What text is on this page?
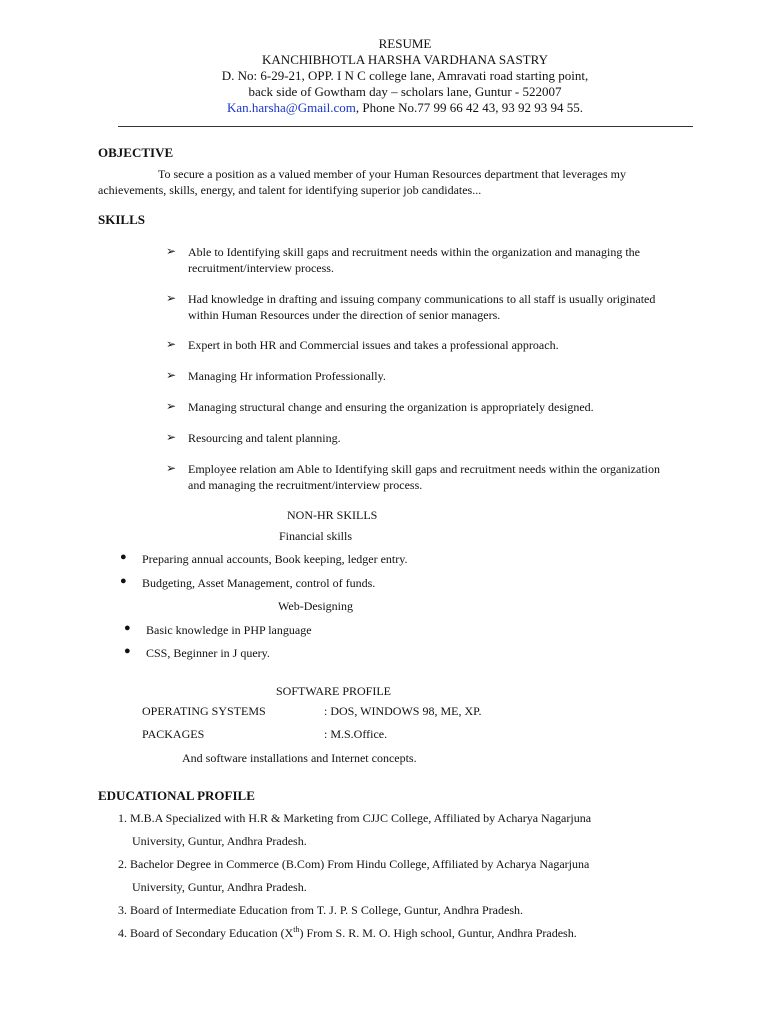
RESUME
KANCHIBHOTLA HARSHA VARDHANA SASTRY
D. No: 6-29-21, OPP. I N C college lane, Amravati road starting point,
back side of Gowtham day – scholars lane, Guntur - 522007
Kan.harsha@Gmail.com, Phone No.77 99 66 42 43, 93 92 93 94 55.
OBJECTIVE
To secure a position as a valued member of your Human Resources department that leverages my
achievements, skills, energy, and talent for identifying superior job candidates...
SKILLS
➢ Able to Identifying skill gaps and recruitment needs within the organization and managing the
recruitment/interview process.
➢ Had knowledge in drafting and issuing company communications to all staff is usually originated
within Human Resources under the direction of senior managers.
➢ Expert in both HR and Commercial issues and takes a professional approach.
➢ Managing Hr information Professionally.
➢ Managing structural change and ensuring the organization is appropriately designed.
➢ Resourcing and talent planning.
➢ Employee relation am Able to Identifying skill gaps and recruitment needs within the organization
and managing the recruitment/interview process.
NON-HR SKILLS
Financial skills
● Preparing annual accounts, Book keeping, ledger entry.
● Budgeting, Asset Management, control of funds.
Web-Designing
● Basic knowledge in PHP language
● CSS, Beginner in J query.
SOFTWARE PROFILE
OPERATING SYSTEMS	: DOS, WINDOWS 98, ME, XP.
PACKAGES	: M.S.Office.
And software installations and Internet concepts.
EDUCATIONAL PROFILE
1. M.B.A Specialized with H.R & Marketing from CJJC College, Affiliated by Acharya Nagarjuna
University, Guntur, Andhra Pradesh.
2. Bachelor Degree in Commerce (B.Com) From Hindu College, Affiliated by Acharya Nagarjuna
University, Guntur, Andhra Pradesh.
3. Board of Intermediate Education from T. J. P. S College, Guntur, Andhra Pradesh.
4. Board of Secondary Education (Xth) From S. R. M. O. High school, Guntur, Andhra Pradesh.
